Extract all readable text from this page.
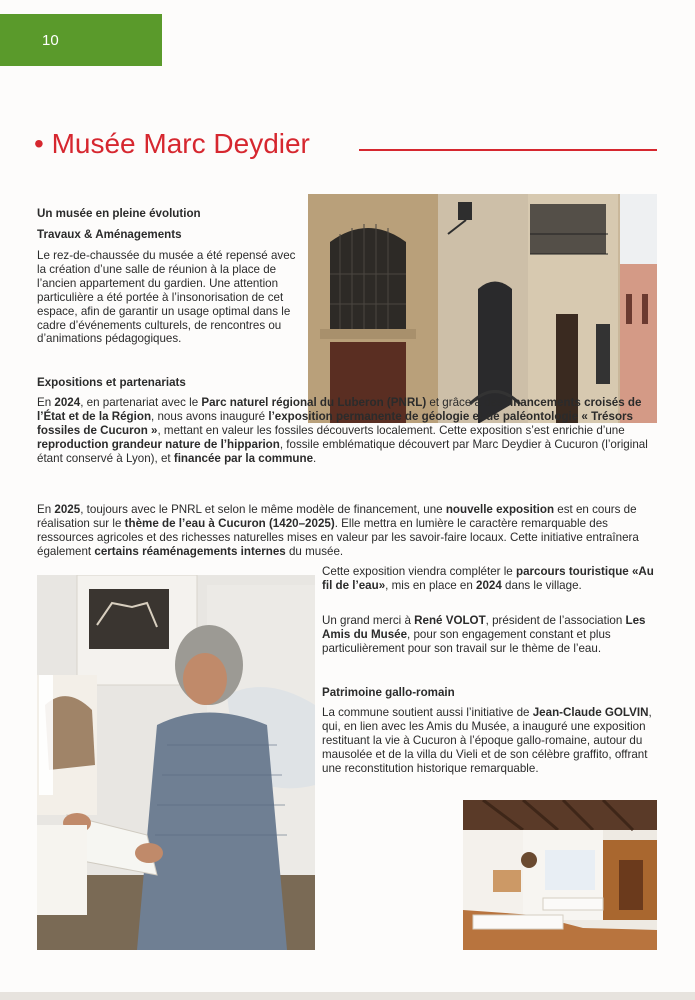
10
• Musée Marc Deydier
Un musée en pleine évolution
Travaux & Aménagements

Le rez-de-chaussée du musée a été repensé avec la création d’une salle de réunion à la place de l’ancien appartement du gardien. Une attention particulière a été portée à l’insonorisation de cet espace, afin de garantir un usage optimal dans le cadre d’événements culturels, de rencontres ou d’animations pédagogiques.

Expositions et partenariats

En 2024, en partenariat avec le Parc naturel régional du Luberon (PNRL) et grâce à des financements croisés de l’État et de la Région, nous avons inauguré l’exposition permanente de géologie et de paléontologie « Trésors fossiles de Cucuron », mettant en valeur les fossiles découverts localement. Cette exposition s’est enrichie d’une reproduction grandeur nature de l’hipparion, fossile emblématique découvert par Marc Deydier à Cucuron (l’original étant conservé à Lyon), et financée par la commune.

En 2025, toujours avec le PNRL et selon le même modèle de financement, une nouvelle exposition est en cours de réalisation sur le thème de l’eau à Cucuron (1420–2025). Elle mettra en lumière le caractère remarquable des ressources agricoles et des richesses naturelles mises en valeur par les savoir-faire locaux. Cette initiative entraînera également certains réaménagements internes du musée.

Cette exposition viendra compléter le parcours touristique «Au fil de l’eau», mis en place en 2024 dans le village.

Un grand merci à René VOLOT, président de l’association Les Amis du Musée, pour son engagement constant et plus particulièrement pour son travail sur le thème de l’eau.

Patrimoine gallo-romain

La commune soutient aussi l’initiative de Jean-Claude GOLVIN, qui, en lien avec les Amis du Musée, a inauguré une exposition restituant la vie à Cucuron à l’époque gallo-romaine, autour du mausolée et de la villa du Vieli et de son célèbre graffito, offrant une reconstitution historique remarquable.
